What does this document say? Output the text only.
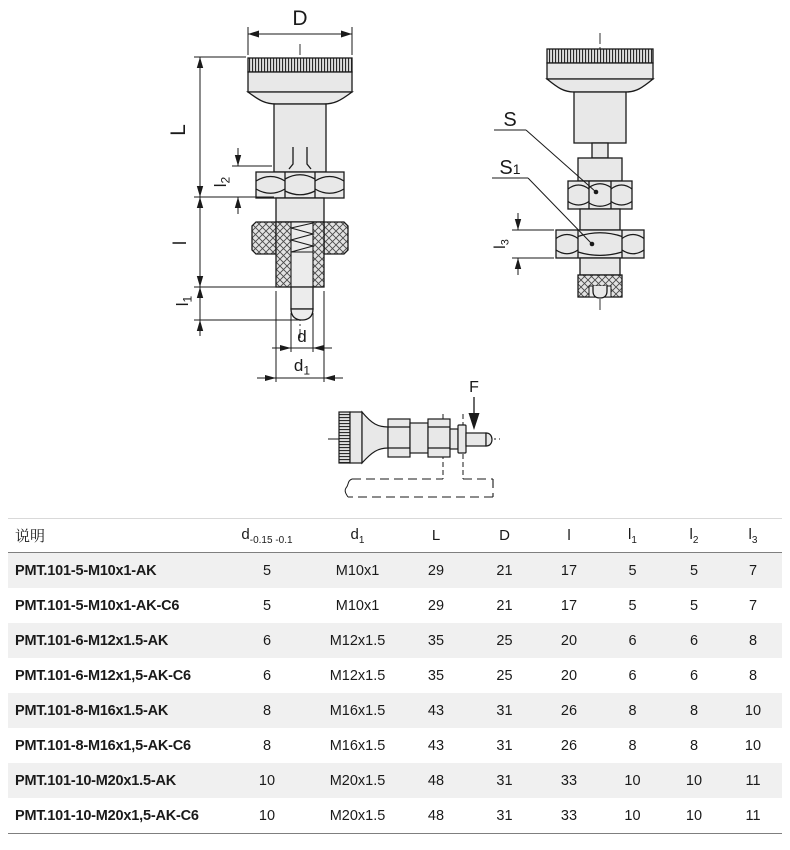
D
L
$l_2$
l
$l_1$
d
$d_1$
S
S1
$l_3$
F
说明	$d_{-0.15 -0.1}$	$d_1$	L	D	l	$l_1$	$l_2$	$l_3$
PMT.101-5-M10x1-AK	5	M10x1	29	21	17	5	5	7
PMT.101-5-M10x1-AK-C6	5	M10x1	29	21	17	5	5	7
PMT.101-6-M12x1.5-AK	6	M12x1.5	35	25	20	6	6	8
PMT.101-6-M12x1,5-AK-C6	6	M12x1.5	35	25	20	6	6	8
PMT.101-8-M16x1.5-AK	8	M16x1.5	43	31	26	8	8	10
PMT.101-8-M16x1,5-AK-C6	8	M16x1.5	43	31	26	8	8	10
PMT.101-10-M20x1.5-AK	10	M20x1.5	48	31	33	10	10	11
PMT.101-10-M20x1,5-AK-C6	10	M20x1.5	48	31	33	10	10	11
